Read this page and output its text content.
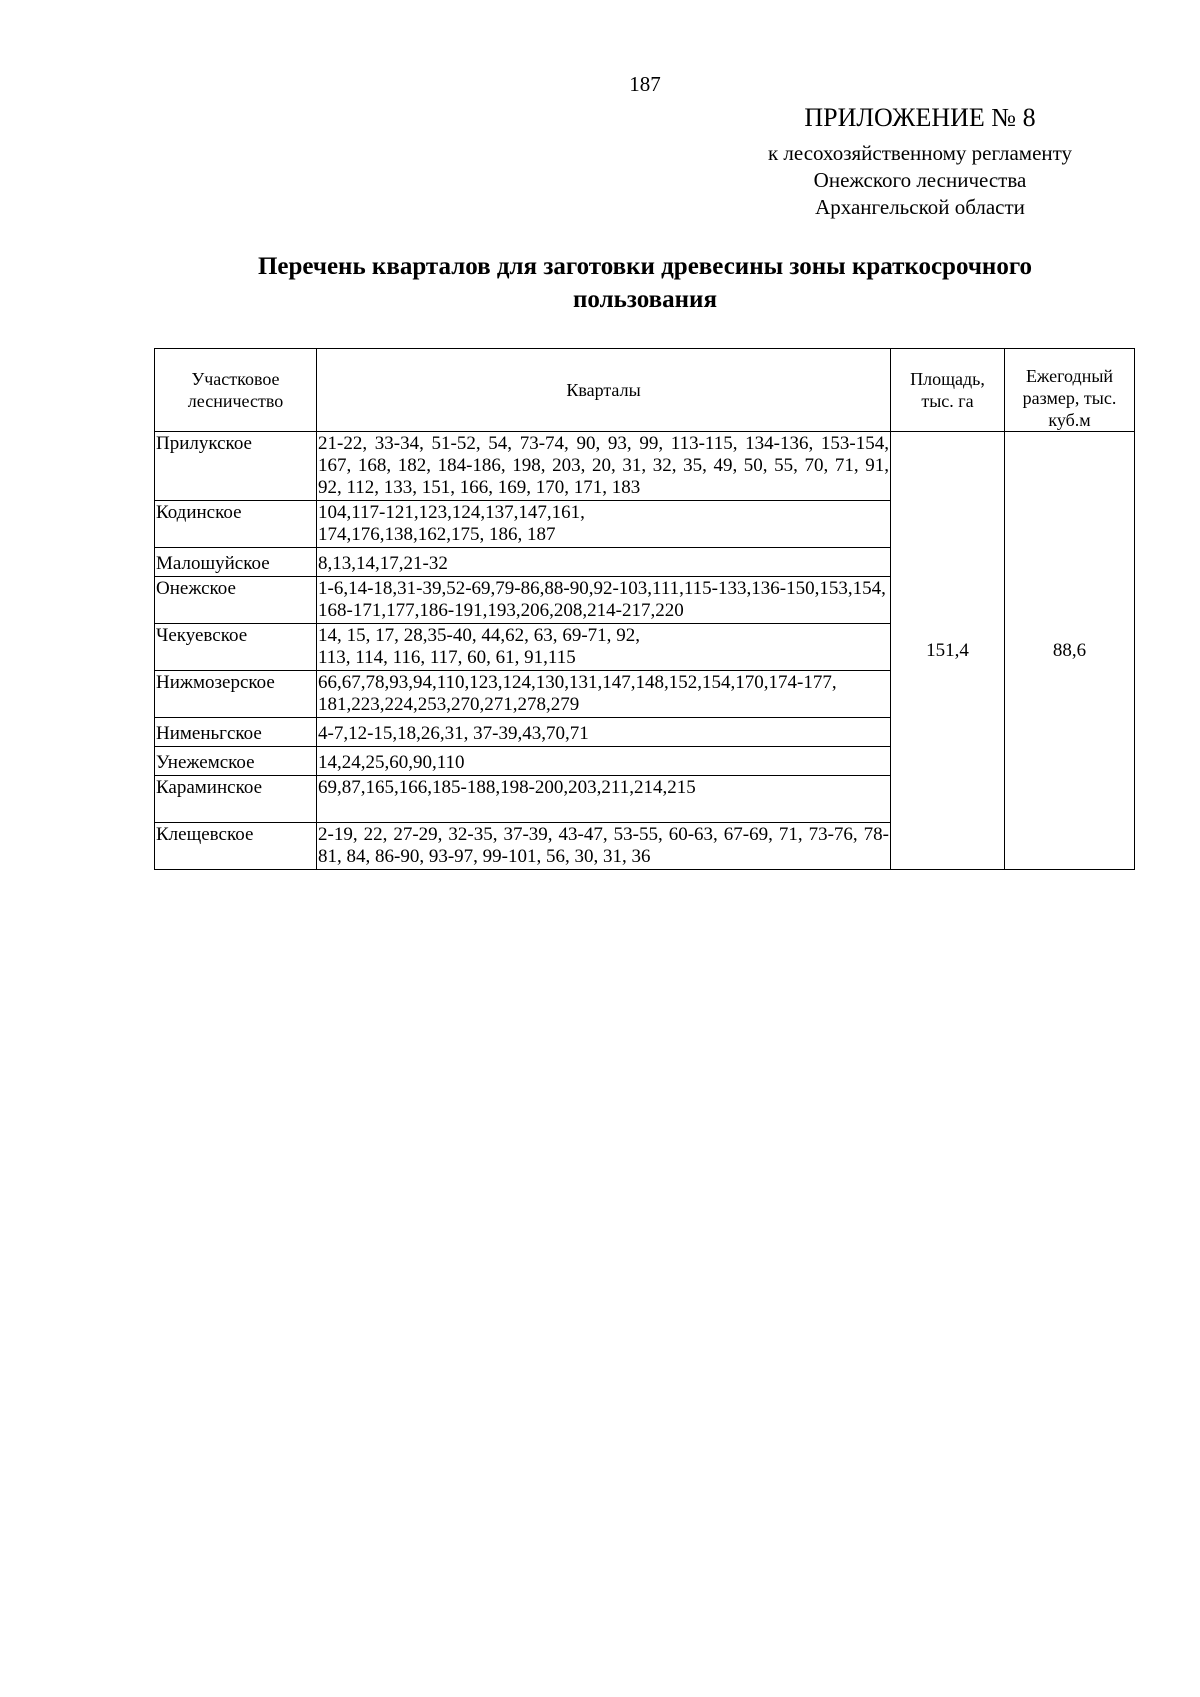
187
ПРИЛОЖЕНИЕ № 8
к лесохозяйственному регламенту
Онежского лесничества
Архангельской области
Перечень кварталов для заготовки древесины зоны краткосрочного
пользования
Участковое лесничество	Кварталы	Площадь, тыс. га	Ежегодный размер, тыс. куб.м
Прилукское	21-22, 33-34, 51-52, 54, 73-74, 90, 93, 99, 113-115, 134-136, 153-154, 167, 168, 182, 184-186, 198, 203, 20, 31, 32, 35, 49, 50, 55, 70, 71, 91, 92, 112, 133, 151, 166, 169, 170, 171, 183	151,4	88,6
Кодинское	104,117-121,123,124,137,147,161, 174,176,138,162,175, 186, 187		
Малошуйское	8,13,14,17,21-32		
Онежское	1-6,14-18,31-39,52-69,79-86,88-90,92-103,111,115-133,136-150,153,154,168-171,177,186-191,193,206,208,214-217,220		
Чекуевское	14, 15, 17, 28,35-40, 44,62, 63, 69-71, 92, 113, 114, 116, 117, 60, 61, 91,115		
Нижмозерское	66,67,78,93,94,110,123,124,130,131,147,148,152,154,170,174-177,181,223,224,253,270,271,278,279		
Нименьгское	4-7,12-15,18,26,31, 37-39,43,70,71		
Унежемское	14,24,25,60,90,110		
Караминское	69,87,165,166,185-188,198-200,203,211,214,215		
Клещевское	2-19, 22, 27-29, 32-35, 37-39, 43-47, 53-55, 60-63, 67-69, 71, 73-76, 78-81, 84, 86-90, 93-97, 99-101, 56, 30, 31, 36		
